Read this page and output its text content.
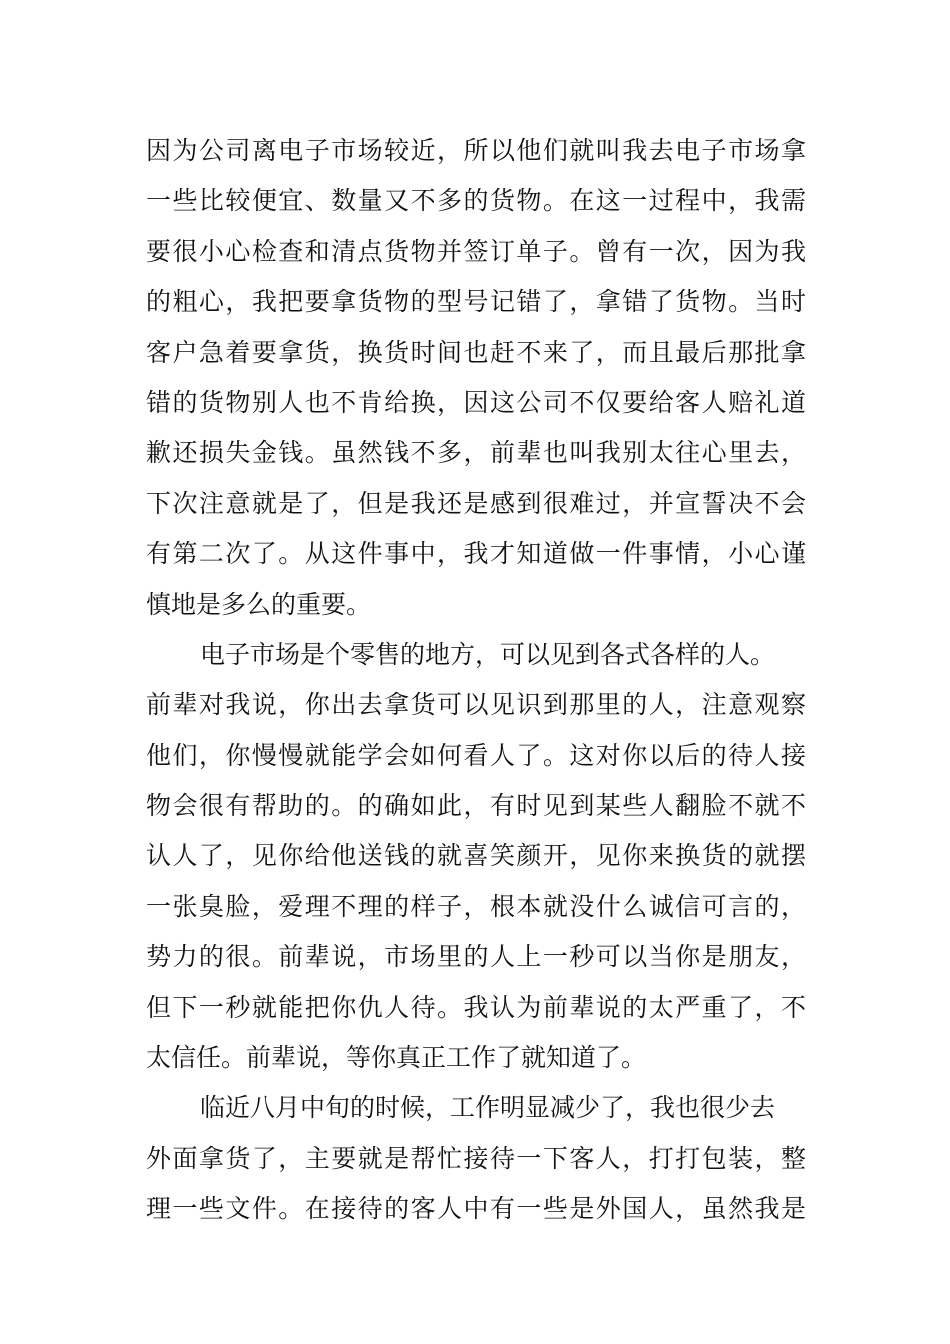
因为公司离电子市场较近，所以他们就叫我去电子市场拿
一些比较便宜、数量又不多的货物。在这一过程中，我需
要很小心检查和清点货物并签订单子。曾有一次，因为我
的粗心，我把要拿货物的型号记错了，拿错了货物。当时
客户急着要拿货，换货时间也赶不来了，而且最后那批拿
错的货物别人也不肯给换，因这公司不仅要给客人赔礼道
歉还损失金钱。虽然钱不多，前辈也叫我别太往心里去，
下次注意就是了，但是我还是感到很难过，并宣誓决不会
有第二次了。从这件事中，我才知道做一件事情，小心谨
慎地是多么的重要。
电子市场是个零售的地方，可以见到各式各样的人。
前辈对我说，你出去拿货可以见识到那里的人，注意观察
他们，你慢慢就能学会如何看人了。这对你以后的待人接
物会很有帮助的。的确如此，有时见到某些人翻脸不就不
认人了，见你给他送钱的就喜笑颜开，见你来换货的就摆
一张臭脸，爱理不理的样子，根本就没什么诚信可言的，
势力的很。前辈说，市场里的人上一秒可以当你是朋友，
但下一秒就能把你仇人待。我认为前辈说的太严重了，不
太信任。前辈说，等你真正工作了就知道了。
临近八月中旬的时候，工作明显减少了，我也很少去
外面拿货了，主要就是帮忙接待一下客人，打打包装，整
理一些文件。在接待的客人中有一些是外国人，虽然我是
